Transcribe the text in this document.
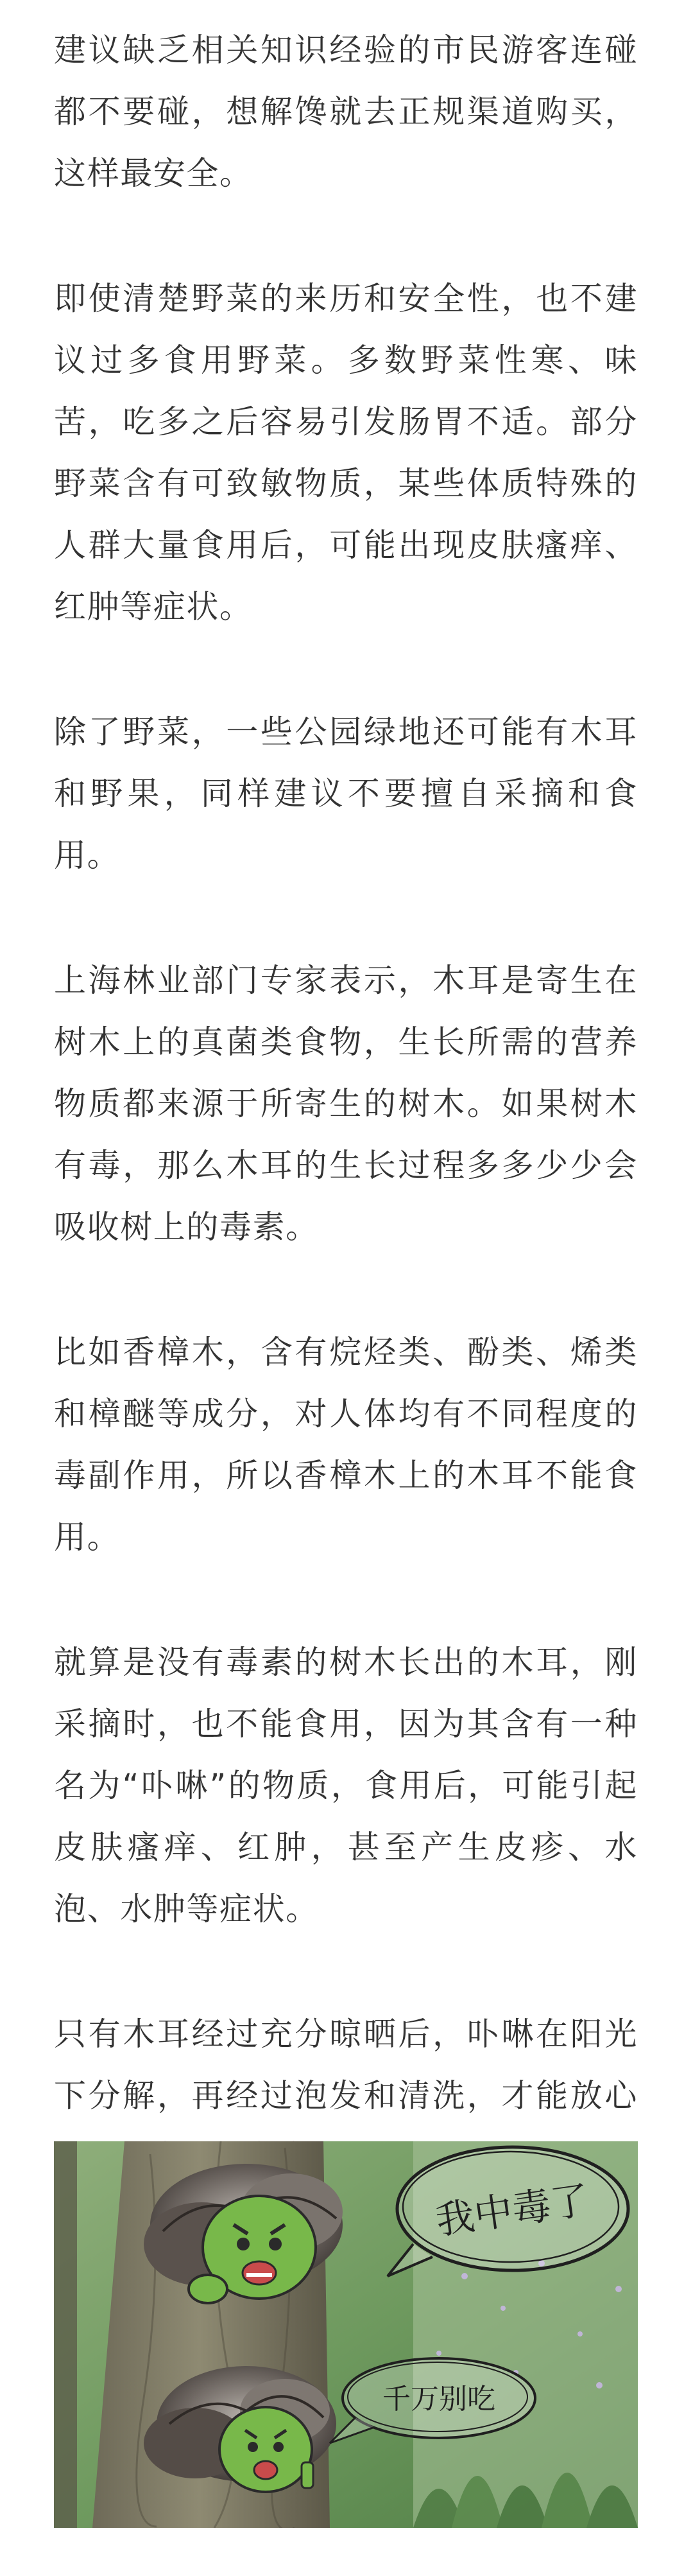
建议缺乏相关知识经验的市民游客连碰都不要碰，想解馋就去正规渠道购买，这样最安全。

即使清楚野菜的来历和安全性，也不建议过多食用野菜。多数野菜性寒、味苦，吃多之后容易引发肠胃不适。部分野菜含有可致敏物质，某些体质特殊的人群大量食用后，可能出现皮肤瘙痒、红肿等症状。

除了野菜，一些公园绿地还可能有木耳和野果，同样建议不要擅自采摘和食用。

上海林业部门专家表示，木耳是寄生在树木上的真菌类食物，生长所需的营养物质都来源于所寄生的树木。如果树木有毒，那么木耳的生长过程多多少少会吸收树上的毒素。

比如香樟木，含有烷烃类、酚类、烯类和樟醚等成分，对人体均有不同程度的毒副作用，所以香樟木上的木耳不能食用。

就算是没有毒素的树木长出的木耳，刚采摘时，也不能食用，因为其含有一种名为“卟啉”的物质，食用后，可能引起皮肤瘙痒、红肿，甚至产生皮疹、水泡、水肿等症状。

只有木耳经过充分晾晒后，卟啉在阳光下分解，再经过泡发和清洗，才能放心

我中毒了
千万别吃
